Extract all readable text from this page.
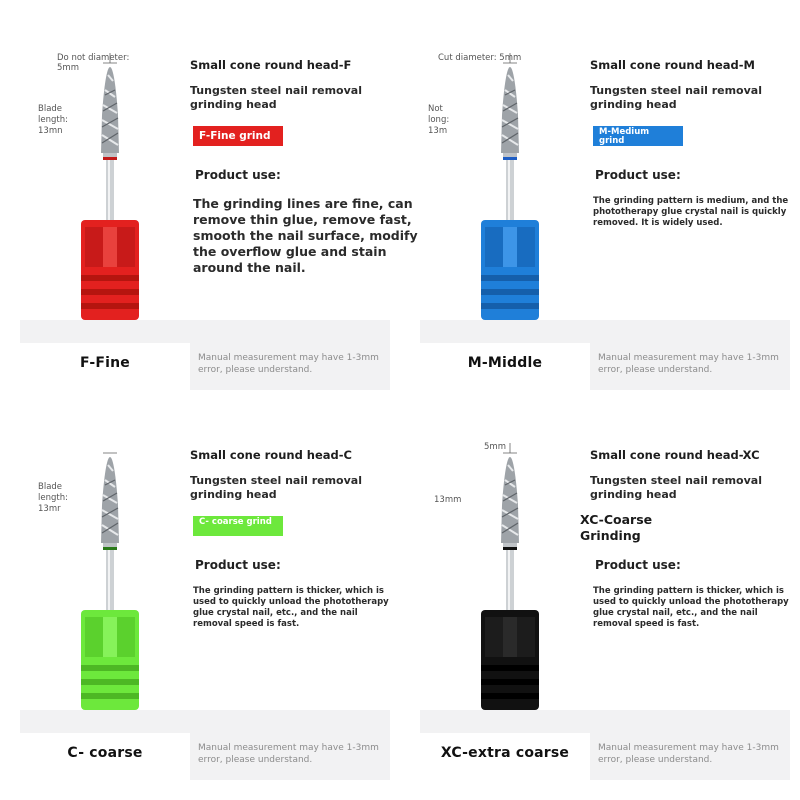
Do not diameter: 5mm
Blade length: 13mn
Small cone round head-F
Tungsten steel nail removal grinding head
F-Fine grind
Product use:
The grinding lines are fine, can remove thin glue, remove fast, smooth the nail surface, modify the overflow glue and stain around the nail.
F-Fine	Manual measurement may have 1-3mm error, please understand.
Cut diameter: 5mm
Not long: 13m
Small cone round head-M
Tungsten steel nail removal grinding head
M-Medium grind
Product use:
The grinding pattern is medium, and the phototherapy glue crystal nail is quickly removed. It is widely used.
M-Middle	Manual measurement may have 1-3mm error, please understand.
Blade length: 13mr
Small cone round head-C
Tungsten steel nail removal grinding head
C- coarse grind
Product use:
The grinding pattern is thicker, which is used to quickly unload the phototherapy glue crystal nail, etc., and the nail removal speed is fast.
C- coarse	Manual measurement may have 1-3mm error, please understand.
5mm
13mm
Small cone round head-XC
Tungsten steel nail removal grinding head
XC-Coarse Grinding
Product use:
The grinding pattern is thicker, which is used to quickly unload the phototherapy glue crystal nail, etc., and the nail removal speed is fast.
XC-extra coarse	Manual measurement may have 1-3mm error, please understand.
